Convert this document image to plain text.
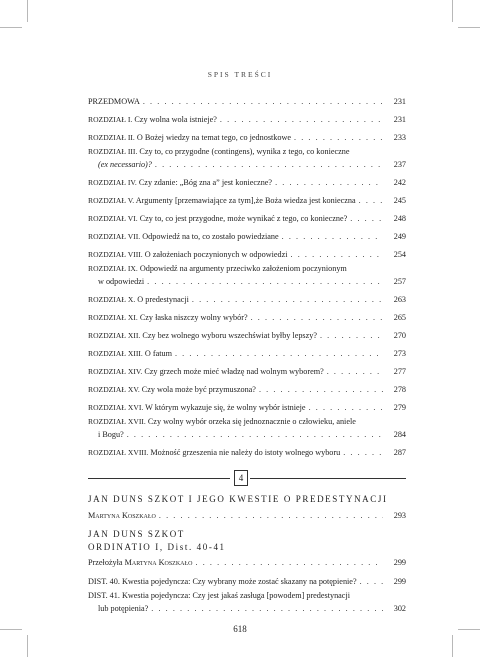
SPIS TREŚCI
PRZEDMOWA . . .	231
ROZDZIAŁ I. Czy wolna wola istnieje? . . .	231
ROZDZIAŁ II. O Bożej wiedzy na temat tego, co jednostkowe . . .	233
ROZDZIAŁ III. Czy to, co przygodne (contingens), wynika z tego, co konieczne
(ex necessario)? . . .	237
ROZDZIAŁ IV. Czy zdanie: „Bóg zna a” jest konieczne? . . .	242
ROZDZIAŁ V. Argumenty [przemawiające za tym],że Boża wiedza jest konieczna . . .	245
ROZDZIAŁ VI. Czy to, co jest przygodne, może wynikać z tego, co konieczne? . . .	248
ROZDZIAŁ VII. Odpowiedź na to, co zostało powiedziane . . .	249
ROZDZIAŁ VIII. O założeniach poczynionych w odpowiedzi . . .	254
ROZDZIAŁ IX. Odpowiedź na argumenty przeciwko założeniom poczynionym
w odpowiedzi . . .	257
ROZDZIAŁ X. O predestynacji . . .	263
ROZDZIAŁ XI. Czy łaska niszczy wolny wybór? . . .	265
ROZDZIAŁ XII. Czy bez wolnego wyboru wszechświat byłby lepszy? . . .	270
ROZDZIAŁ XIII. O fatum . . .	273
ROZDZIAŁ XIV. Czy grzech może mieć władzę nad wolnym wyborem? . . .	277
ROZDZIAŁ XV. Czy wola może być przymuszona? . . .	278
ROZDZIAŁ XVI. W którym wykazuje się, że wolny wybór istnieje . . .	279
ROZDZIAŁ XVII. Czy wolny wybór orzeka się jednoznacznie o człowieku, aniele
i Bogu? . . .	284
ROZDZIAŁ XVIII. Możność grzeszenia nie należy do istoty wolnego wyboru . . .	287
4
JAN DUNS SZKOT I JEGO KWESTIE O PREDESTYNACJI
Martyna Koszkało . . .	293
JAN DUNS SZKOT
ORDINATIO I, Dist. 40-41
Przełożyła Martyna Koszkało . . .	299
DIST. 40. Kwestia pojedyncza: Czy wybrany może zostać skazany na potępienie? . . .	299
DIST. 41. Kwestia pojedyncza: Czy jest jakaś zasługa [powodem] predestynacji
lub potępienia? . . .	302
618
